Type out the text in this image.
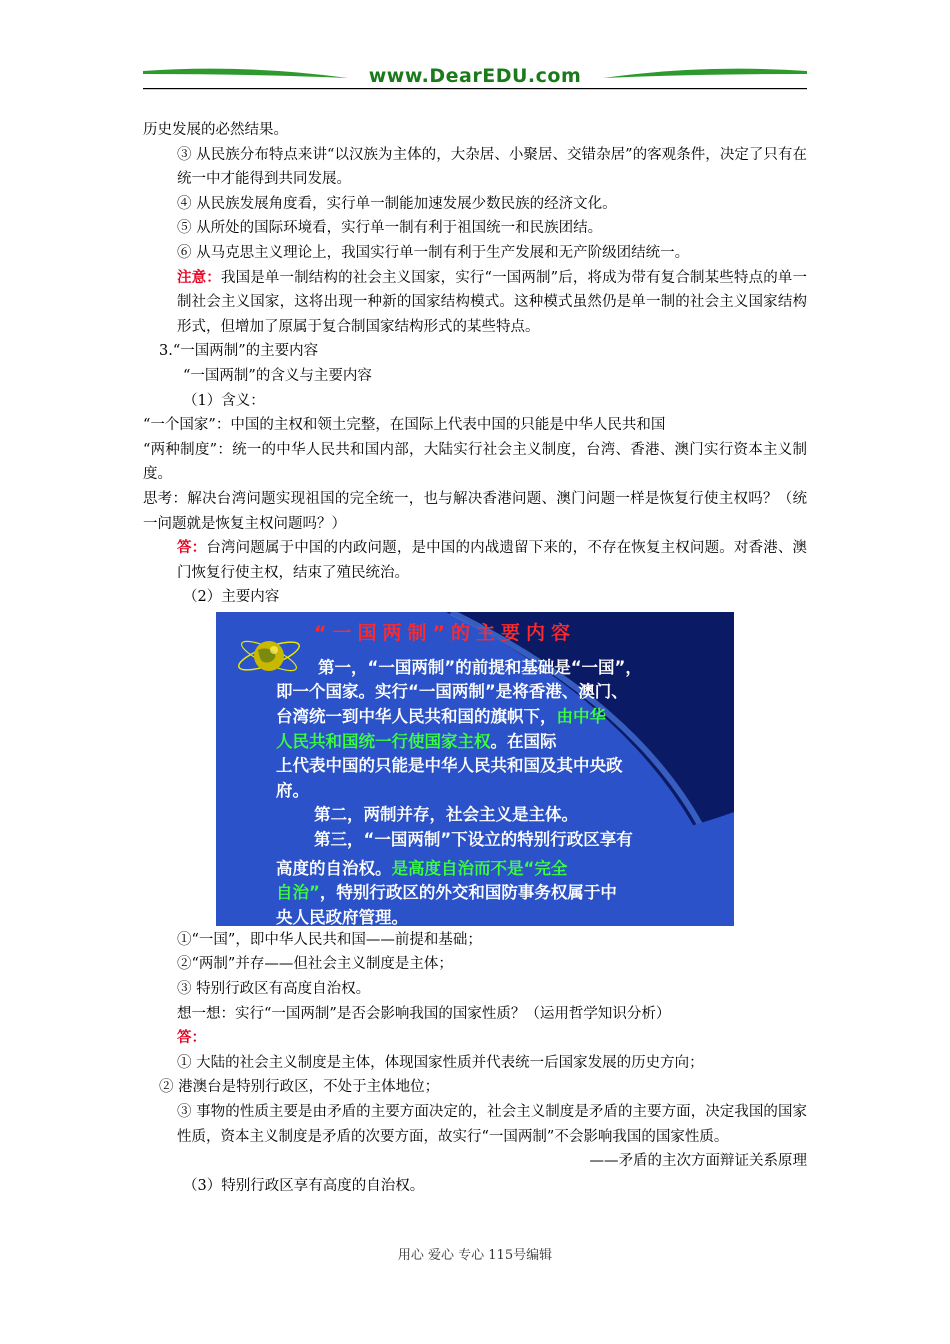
www.DearEDU.com

历史发展的必然结果。

③ 从民族分布特点来讲“以汉族为主体的，大杂居、小聚居、交错杂居”的客观条件，决定了只有在统一中才能得到共同发展。

④ 从民族发展角度看，实行单一制能加速发展少数民族的经济文化。

⑤ 从所处的国际环境看，实行单一制有利于祖国统一和民族团结。

⑥ 从马克思主义理论上，我国实行单一制有利于生产发展和无产阶级团结统一。

注意：我国是单一制结构的社会主义国家，实行“一国两制”后，将成为带有复合制某些特点的单一制社会主义国家，这将出现一种新的国家结构模式。这种模式虽然仍是单一制的社会主义国家结构形式，但增加了原属于复合制国家结构形式的某些特点。

3.“一国两制”的主要内容

“一国两制”的含义与主要内容

（1）含义：

“一个国家”：中国的主权和领土完整，在国际上代表中国的只能是中华人民共和国

“两种制度”：统一的中华人民共和国内部，大陆实行社会主义制度，台湾、香港、澳门实行资本主义制度。

思考：解决台湾问题实现祖国的完全统一，也与解决香港问题、澳门问题一样是恢复行使主权吗？（统一问题就是恢复主权问题吗？）

答：台湾问题属于中国的内政问题，是中国的内战遗留下来的，不存在恢复主权问题。对香港、澳门恢复行使主权，结束了殖民统治。

（2）主要内容

“一国两制”的主要内容
第一，“一国两制”的前提和基础是“一国”，
即一个国家。实行“一国两制”是将香港、澳门、
台湾统一到中华人民共和国的旗帜下，由中华
人民共和国统一行使国家主权。在国际
上代表中国的只能是中华人民共和国及其中央政
府。
第二，两制并存，社会主义是主体。
第三，“一国两制”下设立的特别行政区享有
高度的自治权。是高度自治而不是“完全
自治”，特别行政区的外交和国防事务权属于中
央人民政府管理。

①“一国”，即中华人民共和国——前提和基础；

②“两制”并存——但社会主义制度是主体；

③ 特别行政区有高度自治权。

想一想：实行“一国两制”是否会影响我国的国家性质？（运用哲学知识分析）

答：

① 大陆的社会主义制度是主体，体现国家性质并代表统一后国家发展的历史方向；

② 港澳台是特别行政区，不处于主体地位；

③ 事物的性质主要是由矛盾的主要方面决定的，社会主义制度是矛盾的主要方面，决定我国的国家性质，资本主义制度是矛盾的次要方面，故实行“一国两制”不会影响我国的国家性质。

——矛盾的主次方面辩证关系原理

（3）特别行政区享有高度的自治权。

用心 爱心 专心 115号编辑
